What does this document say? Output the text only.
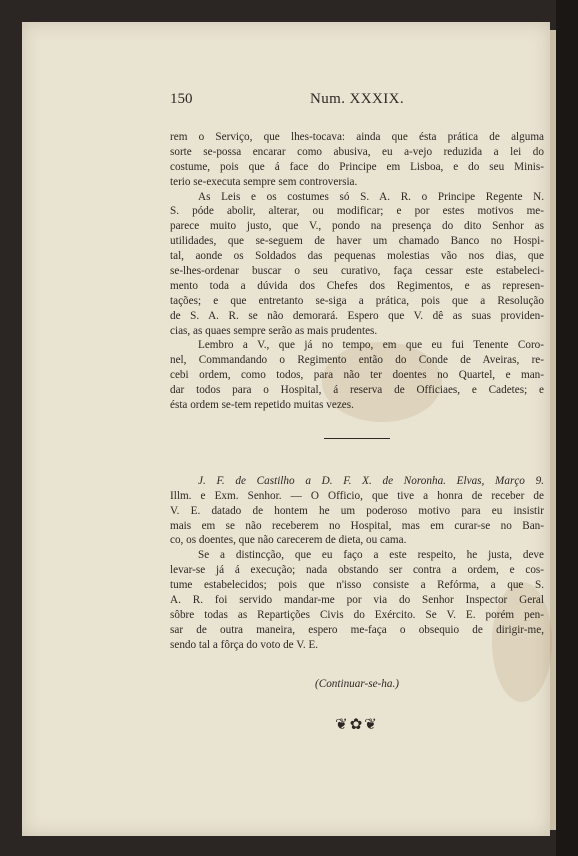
150	Num. XXXIX.
rem o Serviço, que lhes-tocava: ainda que ésta prática de alguma
sorte se-possa encarar como abusiva, eu a-vejo reduzida a lei do
costume, pois que á face do Principe em Lisboa, e do seu Minis-
terio se-executa sempre sem controversia.
As Leis e os costumes só S. A. R. o Principe Regente N.
S. póde abolir, alterar, ou modificar; e por estes motivos me-
parece muito justo, que V., pondo na presença do dito Senhor as
utilidades, que se-seguem de haver um chamado Banco no Hospi-
tal, aonde os Soldados das pequenas molestias vão nos dias, que
se-lhes-ordenar buscar o seu curativo, faça cessar este estabeleci-
mento toda a dúvida dos Chefes dos Regimentos, e as represen-
tações; e que entretanto se-siga a prática, pois que a Resolução
de S. A. R. se não demorará. Espero que V. dê as suas providen-
cias, as quaes sempre serão as mais prudentes.
Lembro a V., que já no tempo, em que eu fui Tenente Coro-
nel, Commandando o Regimento então do Conde de Aveiras, re-
cebi ordem, como todos, para não ter doentes no Quartel, e man-
dar todos para o Hospital, á reserva de Officiaes, e Cadetes; e
ésta ordem se-tem repetido muitas vezes.
J. F. de Castilho a D. F. X. de Noronha. Elvas, Março 9.
Illm. e Exm. Senhor. — O Officio, que tive a honra de receber de
V. E. datado de hontem he um poderoso motivo para eu insistir
mais em se não receberem no Hospital, mas em curar-se no Ban-
co, os doentes, que não carecerem de dieta, ou cama.
Se a distincção, que eu faço a este respeito, he justa, deve
levar-se já á execução; nada obstando ser contra a ordem, e cos-
tume estabelecidos; pois que n'isso consiste a Refórma, a que S.
A. R. foi servido mandar-me por via do Senhor Inspector Geral
sôbre todas as Repartições Civis do Exército. Se V. E. porém pen-
sar de outra maneira, espero me-faça o obsequio de dirigir-me,
sendo tal a fôrça do voto de V. E.
(Continuar-se-ha.)
❦✿❦
